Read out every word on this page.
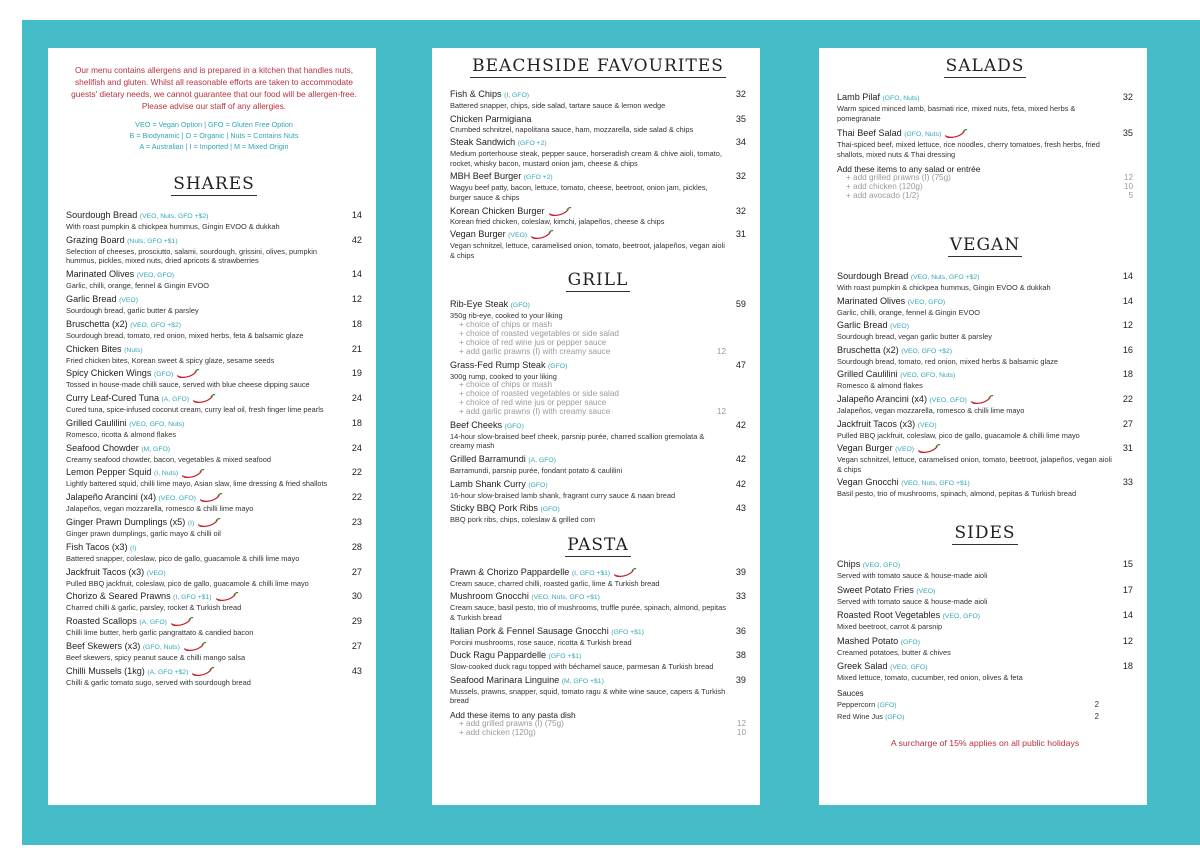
Our menu contains allergens and is prepared in a kitchen that handles nuts, shellfish and gluten. Whilst all reasonable efforts are taken to accommodate guests' dietary needs, we cannot guarantee that our food will be allergen-free. Please advise our staff of any allergies.
VEO = Vegan Option | GFO = Gluten Free Option
B = Biodynamic | O = Organic | Nuts = Contains Nuts
A = Australian | I = Imported | M = Mixed Origin
SHARES
Sourdough Bread (VEO, Nuts, GFO +$2)	14
With roast pumpkin & chickpea hummus, Gingin EVOO & dukkah
Grazing Board (Nuts, GFO +$1)	42
Selection of cheeses, prosciutto, salami, sourdough, grissini, olives, pumpkin hummus, pickles, mixed nuts, dried apricots & strawberries
Marinated Olives (VEO, GFO)	14
Garlic, chilli, orange, fennel & Gingin EVOO
Garlic Bread (VEO)	12
Sourdough bread, garlic butter & parsley
Bruschetta (x2) (VEO, GFO +$2)	18
Sourdough bread, tomato, red onion, mixed herbs, feta & balsamic glaze
Chicken Bites (Nuts)	21
Fried chicken bites, Korean sweet & spicy glaze, sesame seeds
Spicy Chicken Wings (GFO)	19
Tossed in house-made chilli sauce, served with blue cheese dipping sauce
Curry Leaf-Cured Tuna (A, GFO)	24
Cured tuna, spice-infused coconut cream, curry leaf oil, fresh finger lime pearls
Grilled Caulilini (VEO, GFO, Nuts)	18
Romesco, ricotta & almond flakes
Seafood Chowder (M, GFO)	24
Creamy seafood chowder, bacon, vegetables & mixed seafood
Lemon Pepper Squid (I, Nuts)	22
Lightly battered squid, chilli lime mayo, Asian slaw, lime dressing & fried shallots
Jalapeño Arancini (x4) (VEO, GFO)	22
Jalapeños, vegan mozzarella, romesco & chilli lime mayo
Ginger Prawn Dumplings (x5) (I)	23
Ginger prawn dumplings, garlic mayo & chilli oil
Fish Tacos (x3) (I)	28
Battered snapper, coleslaw, pico de gallo, guacamole & chilli lime mayo
Jackfruit Tacos (x3) (VEO)	27
Pulled BBQ jackfruit, coleslaw, pico de gallo, guacamole & chilli lime mayo
Chorizo & Seared Prawns (I, GFO +$1)	30
Charred chilli & garlic, parsley, rocket & Turkish bread
Roasted Scallops (A, GFO)	29
Chilli lime butter, herb garlic pangrattato & candied bacon
Beef Skewers (x3) (GFO, Nuts)	27
Beef skewers, spicy peanut sauce & chilli mango salsa
Chilli Mussels (1kg) (A, GFO +$2)	43
Chilli & garlic tomato sugo, served with sourdough bread
BEACHSIDE FAVOURITES
Fish & Chips (I, GFO)	32
Battered snapper, chips, side salad, tartare sauce & lemon wedge
Chicken Parmigiana	35
Crumbed schnitzel, napolitana sauce, ham, mozzarella, side salad & chips
Steak Sandwich (GFO +2)	34
Medium porterhouse steak, pepper sauce, horseradish cream & chive aioli, tomato, rocket, whisky bacon, mustard onion jam, cheese & chips
MBH Beef Burger (GFO +2)	32
Wagyu beef patty, bacon, lettuce, tomato, cheese, beetroot, onion jam, pickles, burger sauce & chips
Korean Chicken Burger	32
Korean fried chicken, coleslaw, kimchi, jalapeños, cheese & chips
Vegan Burger (VEO)	31
Vegan schnitzel, lettuce, caramelised onion, tomato, beetroot, jalapeños, vegan aioli & chips
GRILL
Rib-Eye Steak (GFO)	59
350g rib-eye, cooked to your liking
+ choice of chips or mash
+ choice of roasted vegetables or side salad
+ choice of red wine jus or pepper sauce
+ add garlic prawns (I) with creamy sauce	12
Grass-Fed Rump Steak (GFO)	47
300g rump, cooked to your liking
+ choice of chips or mash
+ choice of roasted vegetables or side salad
+ choice of red wine jus or pepper sauce
+ add garlic prawns (I) with creamy sauce	12
Beef Cheeks (GFO)	42
14-hour slow-braised beef cheek, parsnip purée, charred scallion gremolata & creamy mash
Grilled Barramundi (A, GFO)	42
Barramundi, parsnip purée, fondant potato & caulilini
Lamb Shank Curry (GFO)	42
16-hour slow-braised lamb shank, fragrant curry sauce & naan bread
Sticky BBQ Pork Ribs (GFO)	43
BBQ pork ribs, chips, coleslaw & grilled corn
PASTA
Prawn & Chorizo Pappardelle (I, GFO +$1)	39
Cream sauce, charred chilli, roasted garlic, lime & Turkish bread
Mushroom Gnocchi (VEO, Nuts, GFO +$1)	33
Cream sauce, basil pesto, trio of mushrooms, truffle purée, spinach, almond, pepitas & Turkish bread
Italian Pork & Fennel Sausage Gnocchi (GFO +$1)	36
Porcini mushrooms, rose sauce, ricotta & Turkish bread
Duck Ragu Pappardelle (GFO +$1)	38
Slow-cooked duck ragu topped with béchamel sauce, parmesan & Turkish bread
Seafood Marinara Linguine (M, GFO +$1)	39
Mussels, prawns, snapper, squid, tomato ragu & white wine sauce, capers & Turkish bread
Add these items to any pasta dish
+ add grilled prawns (I) (75g)	12
+ add chicken (120g)	10
SALADS
Lamb Pilaf (GFO, Nuts)	32
Warm spiced minced lamb, basmati rice, mixed nuts, feta, mixed herbs & pomegranate
Thai Beef Salad (GFO, Nuts)	35
Thai-spiced beef, mixed lettuce, rice noodles, cherry tomatoes, fresh herbs, fried shallots, mixed nuts & Thai dressing
Add these items to any salad or entrée
+ add grilled prawns (I) (75g)	12
+ add chicken (120g)	10
+ add avocado (1/2)	5
VEGAN
Sourdough Bread (VEO, Nuts, GFO +$2)	14
With roast pumpkin & chickpea hummus, Gingin EVOO & dukkah
Marinated Olives (VEO, GFO)	14
Garlic, chilli, orange, fennel & Gingin EVOO
Garlic Bread (VEO)	12
Sourdough bread, vegan garlic butter & parsley
Bruschetta (x2) (VEO, GFO +$2)	16
Sourdough bread, tomato, red onion, mixed herbs & balsamic glaze
Grilled Caulilini (VEO, GFO, Nuts)	18
Romesco & almond flakes
Jalapeño Arancini (x4) (VEO, GFO)	22
Jalapeños, vegan mozzarella, romesco & chilli lime mayo
Jackfruit Tacos (x3) (VEO)	27
Pulled BBQ jackfruit, coleslaw, pico de gallo, guacamole & chilli lime mayo
Vegan Burger (VEO)	31
Vegan schnitzel, lettuce, caramelised onion, tomato, beetroot, jalapeños, vegan aioli & chips
Vegan Gnocchi (VEO, Nuts, GFO +$1)	33
Basil pesto, trio of mushrooms, spinach, almond, pepitas & Turkish bread
SIDES
Chips (VEO, GFO)	15
Served with tomato sauce & house-made aioli
Sweet Potato Fries (VEO)	17
Served with tomato sauce & house-made aioli
Roasted Root Vegetables (VEO, GFO)	14
Mixed beetroot, carrot & parsnip
Mashed Potato (GFO)	12
Creamed potatoes, butter & chives
Greek Salad (VEO, GFO)	18
Mixed lettuce, tomato, cucumber, red onion, olives & feta
Sauces
Peppercorn (GFO)	2
Red Wine Jus (GFO)	2
A surcharge of 15% applies on all public holidays
